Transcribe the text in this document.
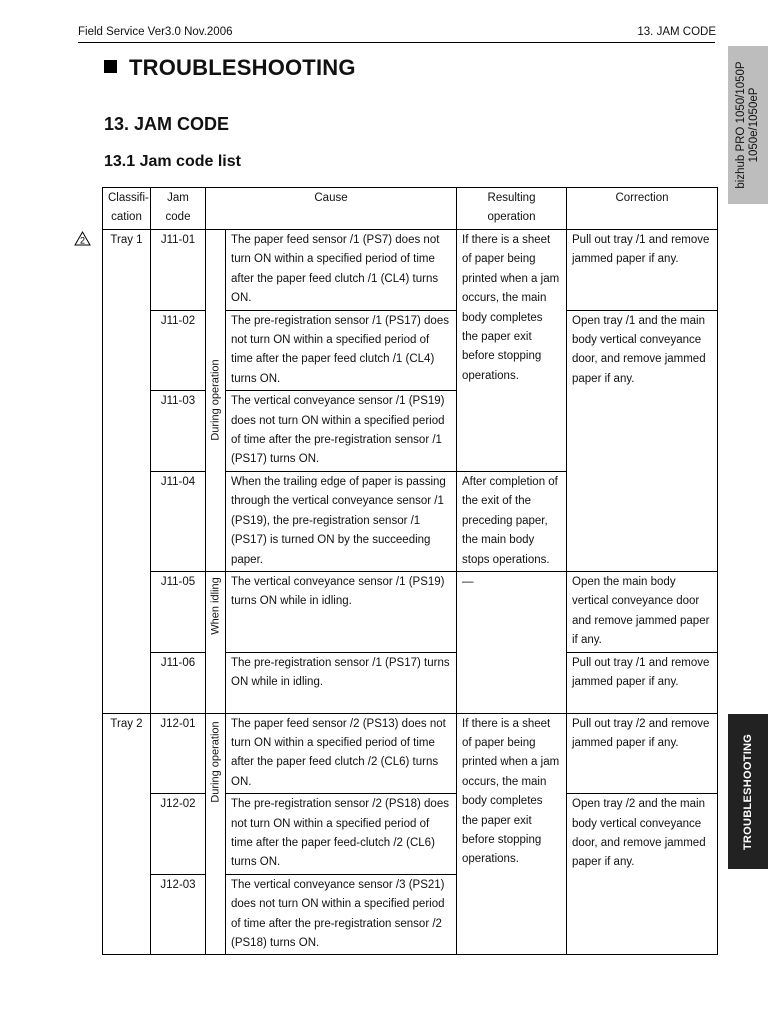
Field Service Ver3.0 Nov.2006	13. JAM CODE
TROUBLESHOOTING
13. JAM CODE
13.1 Jam code list	bizhub PRO 1050/1050P 1050e/1050eP
TROUBLESHOOTING
2
Classifi-cation	Jam code	Cause		Resulting operation	Correction
Tray 1	J11-01	During operation	The paper feed sensor /1 (PS7) does not turn ON within a specified period of time after the paper feed clutch /1 (CL4) turns ON.	If there is a sheet of paper being printed when a jam occurs, the main body completes the paper exit before stopping operations.	Pull out tray /1 and remove jammed paper if any.
	J11-02		The pre-registration sensor /1 (PS17) does not turn ON within a specified period of time after the paper feed clutch /1 (CL4) turns ON.		Open tray /1 and the main body vertical conveyance door, and remove jammed paper if any.
	J11-03		The vertical conveyance sensor /1 (PS19) does not turn ON within a specified period of time after the pre-registration sensor /1 (PS17) turns ON.		
	J11-04		When the trailing edge of paper is passing through the vertical conveyance sensor /1 (PS19), the pre-registration sensor /1 (PS17) is turned ON by the succeeding paper.	After completion of the exit of the preceding paper, the main body stops operations.	
	J11-05	When idling	The vertical conveyance sensor /1 (PS19) turns ON while in idling.	—	Open the main body vertical conveyance door and remove jammed paper if any.
	J11-06		The pre-registration sensor /1 (PS17) turns ON while in idling.		Pull out tray /1 and remove jammed paper if any.
Tray 2	J12-01	During operation	The paper feed sensor /2 (PS13) does not turn ON within a specified period of time after the paper feed clutch /2 (CL6) turns ON.	If there is a sheet of paper being printed when a jam occurs, the main body completes the paper exit before stopping operations.	Pull out tray /2 and remove jammed paper if any.
	J12-02		The pre-registration sensor /2 (PS18) does not turn ON within a specified period of time after the paper feed-clutch /2 (CL6) turns ON.		Open tray /2 and the main body vertical conveyance door, and remove jammed paper if any.
	J12-03		The vertical conveyance sensor /3 (PS21) does not turn ON within a specified period of time after the pre-registration sensor /2 (PS18) turns ON.		
